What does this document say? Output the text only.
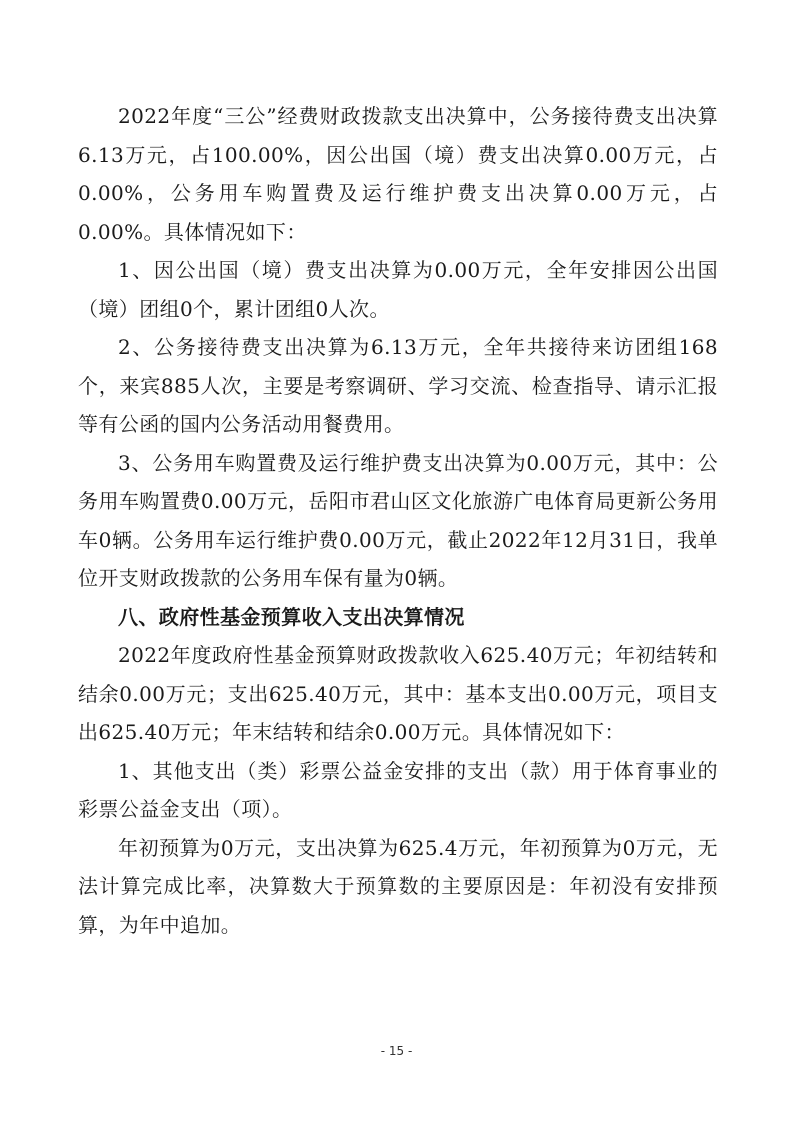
2022年度“三公”经费财政拨款支出决算中，公务接待费支出决算6.13万元，占100.00%，因公出国（境）费支出决算0.00万元，占0.00%，公务用车购置费及运行维护费支出决算0.00万元，占0.00%。具体情况如下：

1、因公出国（境）费支出决算为0.00万元，全年安排因公出国（境）团组0个，累计团组0人次。

2、公务接待费支出决算为6.13万元，全年共接待来访团组168个，来宾885人次，主要是考察调研、学习交流、检查指导、请示汇报等有公函的国内公务活动用餐费用。

3、公务用车购置费及运行维护费支出决算为0.00万元，其中：公务用车购置费0.00万元，岳阳市君山区文化旅游广电体育局更新公务用车0辆。公务用车运行维护费0.00万元，截止2022年12月31日，我单位开支财政拨款的公务用车保有量为0辆。

八、政府性基金预算收入支出决算情况

2022年度政府性基金预算财政拨款收入625.40万元；年初结转和结余0.00万元；支出625.40万元，其中：基本支出0.00万元，项目支出625.40万元；年末结转和结余0.00万元。具体情况如下：

1、其他支出（类）彩票公益金安排的支出（款）用于体育事业的彩票公益金支出（项）。

年初预算为0万元，支出决算为625.4万元，年初预算为0万元，无法计算完成比率，决算数大于预算数的主要原因是：年初没有安排预算，为年中追加。

- 15 -
